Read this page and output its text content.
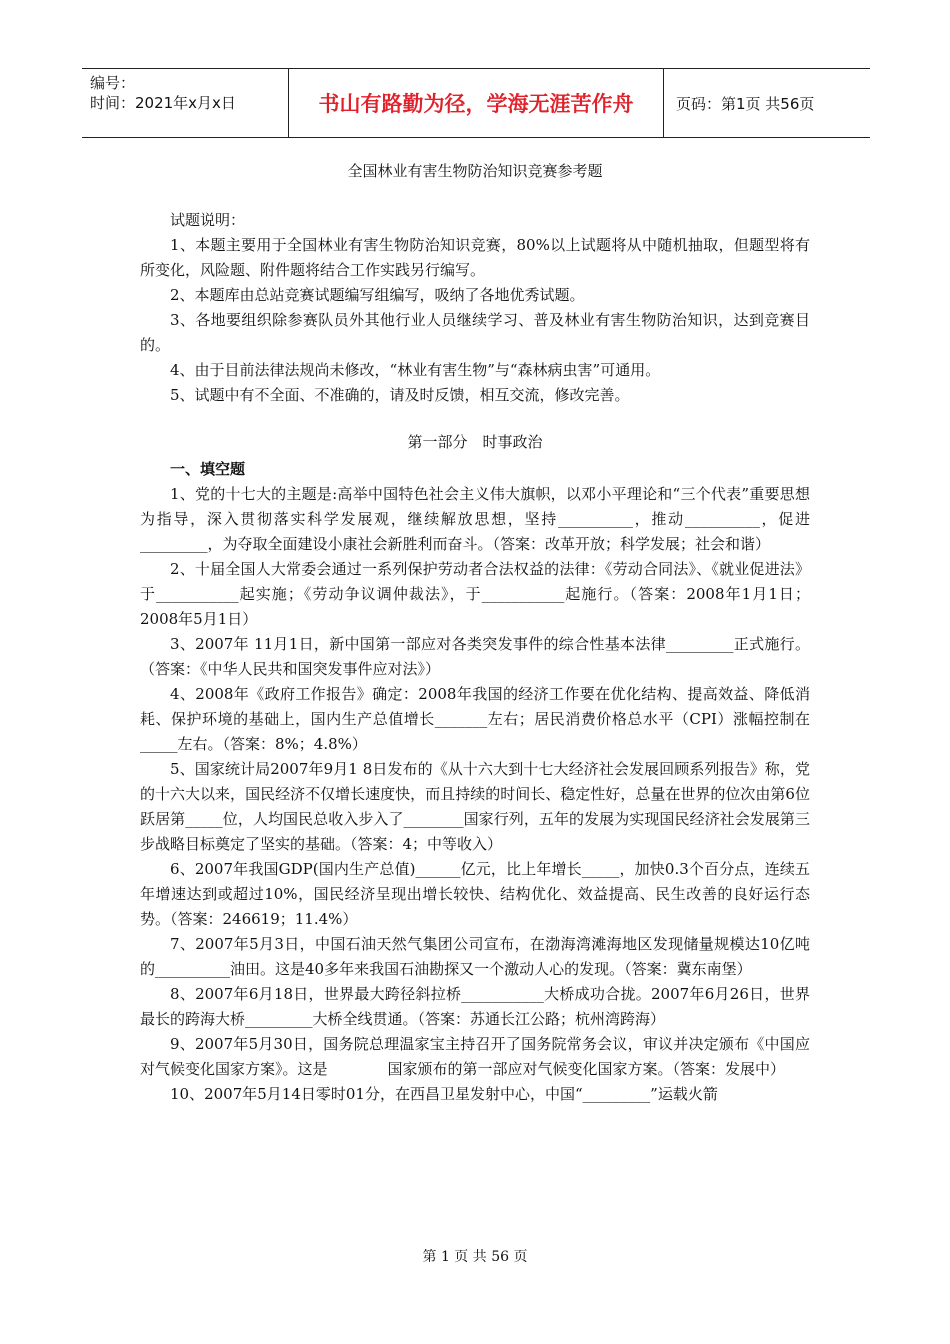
编号：
时间：2021年x月x日	书山有路勤为径，学海无涯苦作舟	页码：第1页 共56页
全国林业有害生物防治知识竞赛参考题

试题说明：

1、本题主要用于全国林业有害生物防治知识竞赛，80%以上试题将从中随机抽取，但题型将有所变化，风险题、附件题将结合工作实践另行编写。

2、本题库由总站竞赛试题编写组编写，吸纳了各地优秀试题。

3、各地要组织除参赛队员外其他行业人员继续学习、普及林业有害生物防治知识，达到竞赛目的。

4、由于目前法律法规尚未修改，“林业有害生物”与“森林病虫害”可通用。

5、试题中有不全面、不准确的，请及时反馈，相互交流，修改完善。

第一部分　时事政治
一、填空题

1、党的十七大的主题是:高举中国特色社会主义伟大旗帜，以邓小平理论和“三个代表”重要思想为指导，深入贯彻落实科学发展观，继续解放思想，坚持__________，推动__________，促进_________，为夺取全面建设小康社会新胜利而奋斗。（答案：改革开放；科学发展；社会和谐）

2、十届全国人大常委会通过一系列保护劳动者合法权益的法律：《劳动合同法》、《就业促进法》于___________起实施；《劳动争议调仲裁法》，于___________起施行。（答案：2008年1月1日；2008年5月1日）

3、2007年 11月1日，新中国第一部应对各类突发事件的综合性基本法律_________正式施行。（答案：《中华人民共和国突发事件应对法》）

4、2008年《政府工作报告》确定：2008年我国的经济工作要在优化结构、提高效益、降低消耗、保护环境的基础上，国内生产总值增长_______左右；居民消费价格总水平（CPI）涨幅控制在_____左右。（答案：8%；4.8%）

5、国家统计局2007年9月1 8日发布的《从十六大到十七大经济社会发展回顾系列报告》称，党的十六大以来，国民经济不仅增长速度快，而且持续的时间长、稳定性好，总量在世界的位次由第6位跃居第_____位，人均国民总收入步入了________国家行列，五年的发展为实现国民经济社会发展第三步战略目标奠定了坚实的基础。（答案：4；中等收入）

6、2007年我国GDP(国内生产总值)______亿元，比上年增长_____，加快0.3个百分点，连续五年增速达到或超过10%，国民经济呈现出增长较快、结构优化、效益提高、民生改善的良好运行态势。（答案：246619；11.4%）

7、2007年5月3日，中国石油天然气集团公司宣布，在渤海湾滩海地区发现储量规模达10亿吨的__________油田。这是40多年来我国石油勘探又一个激动人心的发现。（答案：冀东南堡）

8、2007年6月18日，世界最大跨径斜拉桥___________大桥成功合拢。2007年6月26日，世界最长的跨海大桥_________大桥全线贯通。（答案：苏通长江公路；杭州湾跨海）

9、2007年5月30日，国务院总理温家宝主持召开了国务院常务会议，审议并决定颁布《中国应对气候变化国家方案》。这是　　　　国家颁布的第一部应对气候变化国家方案。（答案：发展中）

10、2007年5月14日零时01分，在西昌卫星发射中心，中国“_________”运载火箭

第 1 页 共 56 页
